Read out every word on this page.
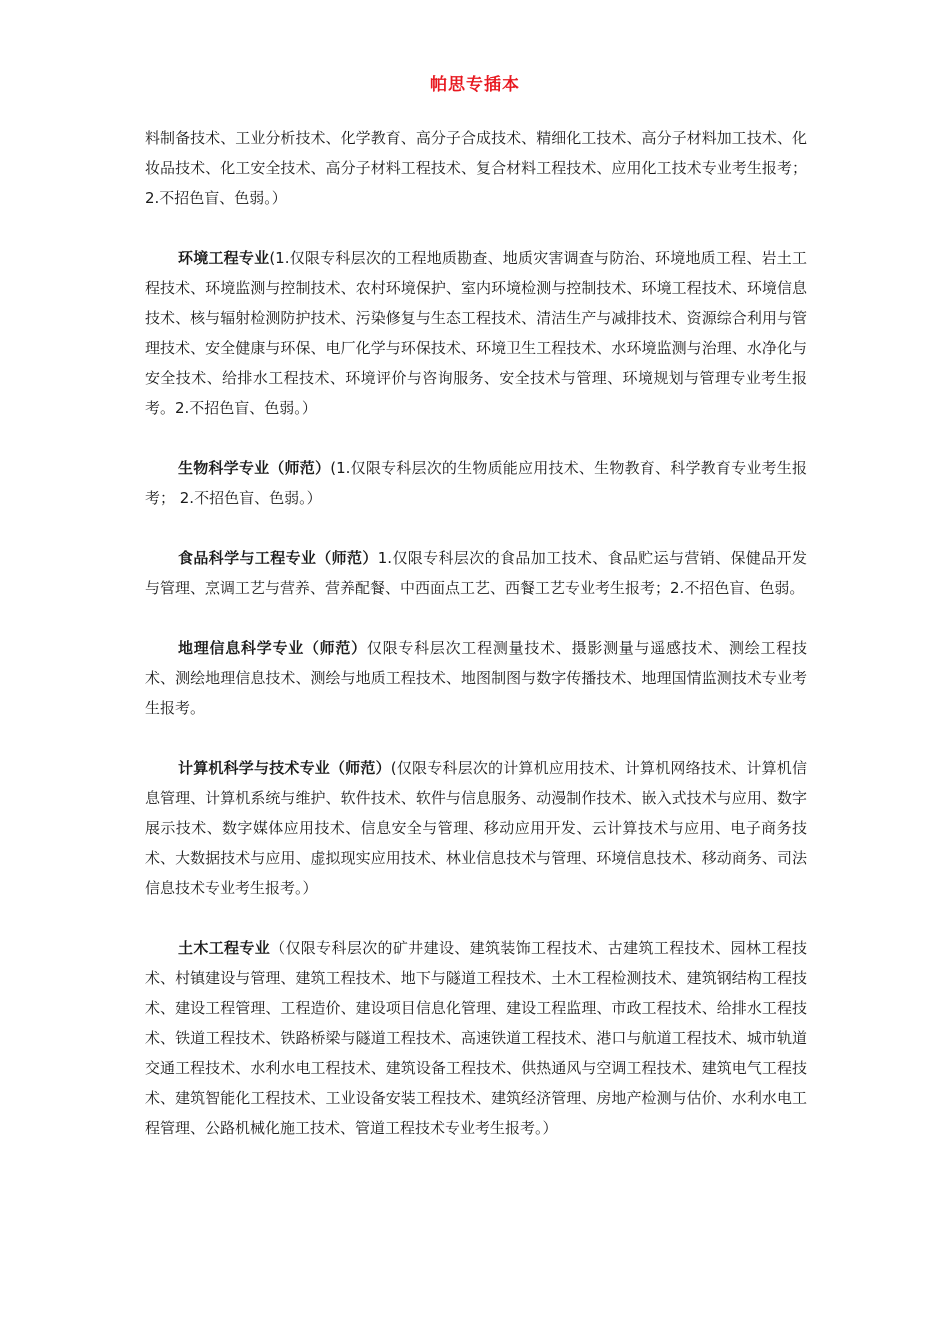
帕思专插本

料制备技术、工业分析技术、化学教育、高分子合成技术、精细化工技术、高分子材料加工技术、化妆品技术、化工安全技术、高分子材料工程技术、复合材料工程技术、应用化工技术专业考生报考；2.不招色盲、色弱。）

环境工程专业(1.仅限专科层次的工程地质勘查、地质灾害调查与防治、环境地质工程、岩土工程技术、环境监测与控制技术、农村环境保护、室内环境检测与控制技术、环境工程技术、环境信息技术、核与辐射检测防护技术、污染修复与生态工程技术、清洁生产与减排技术、资源综合利用与管理技术、安全健康与环保、电厂化学与环保技术、环境卫生工程技术、水环境监测与治理、水净化与安全技术、给排水工程技术、环境评价与咨询服务、安全技术与管理、环境规划与管理专业考生报考。2.不招色盲、色弱。）

生物科学专业（师范）(1.仅限专科层次的生物质能应用技术、生物教育、科学教育专业考生报考； 2.不招色盲、色弱。）

食品科学与工程专业（师范）1.仅限专科层次的食品加工技术、食品贮运与营销、保健品开发与管理、烹调工艺与营养、营养配餐、中西面点工艺、西餐工艺专业考生报考；2.不招色盲、色弱。

地理信息科学专业（师范）仅限专科层次工程测量技术、摄影测量与遥感技术、测绘工程技术、测绘地理信息技术、测绘与地质工程技术、地图制图与数字传播技术、地理国情监测技术专业考生报考。

计算机科学与技术专业（师范）(仅限专科层次的计算机应用技术、计算机网络技术、计算机信息管理、计算机系统与维护、软件技术、软件与信息服务、动漫制作技术、嵌入式技术与应用、数字展示技术、数字媒体应用技术、信息安全与管理、移动应用开发、云计算技术与应用、电子商务技术、大数据技术与应用、虚拟现实应用技术、林业信息技术与管理、环境信息技术、移动商务、司法信息技术专业考生报考。）

土木工程专业（仅限专科层次的矿井建设、建筑装饰工程技术、古建筑工程技术、园林工程技术、村镇建设与管理、建筑工程技术、地下与隧道工程技术、土木工程检测技术、建筑钢结构工程技术、建设工程管理、工程造价、建设项目信息化管理、建设工程监理、市政工程技术、给排水工程技术、铁道工程技术、铁路桥梁与隧道工程技术、高速铁道工程技术、港口与航道工程技术、城市轨道交通工程技术、水利水电工程技术、建筑设备工程技术、供热通风与空调工程技术、建筑电气工程技术、建筑智能化工程技术、工业设备安装工程技术、建筑经济管理、房地产检测与估价、水利水电工程管理、公路机械化施工技术、管道工程技术专业考生报考。）
